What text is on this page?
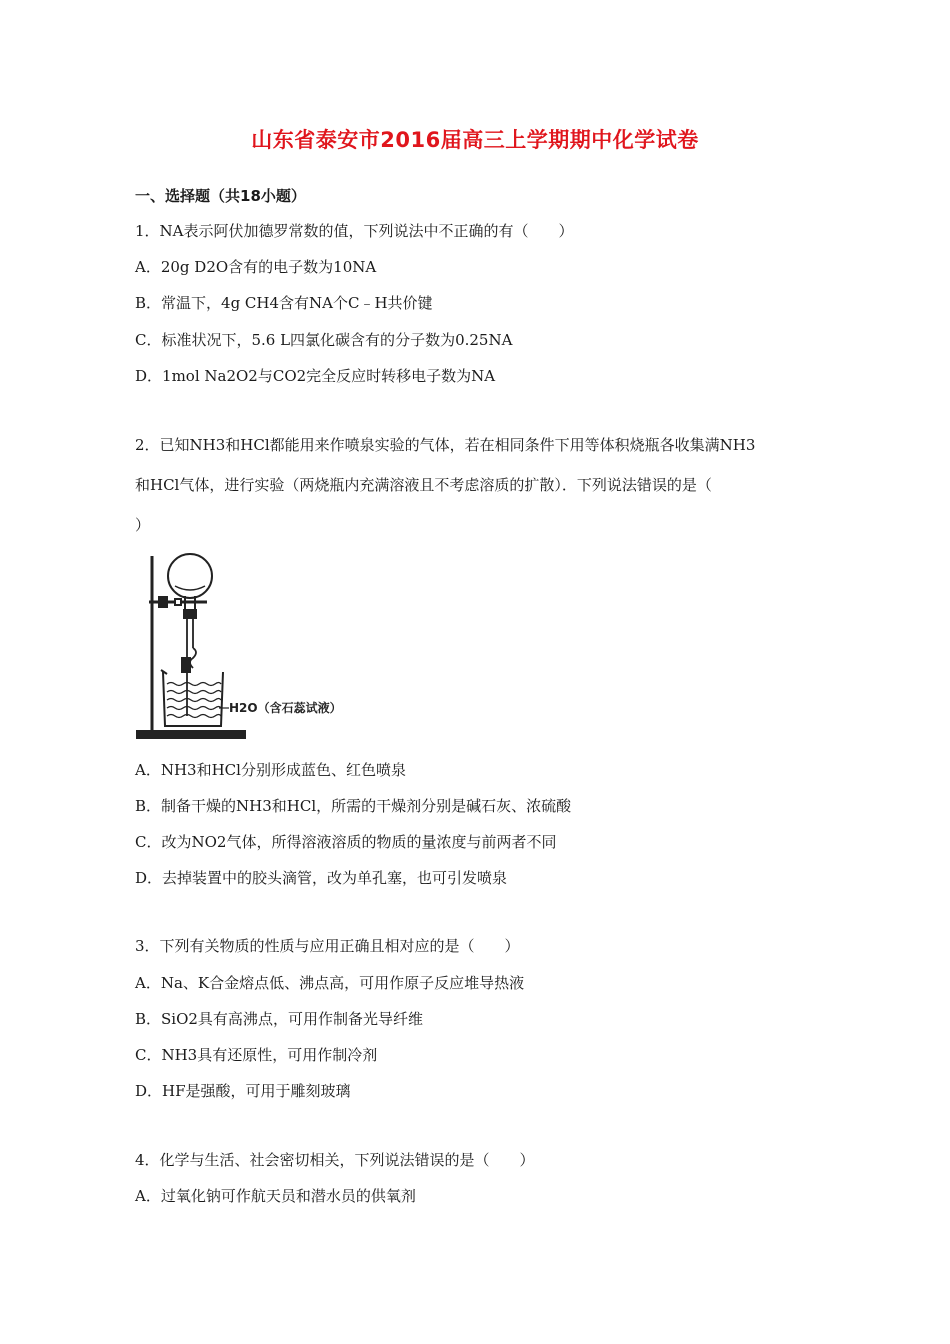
山东省泰安市2016届高三上学期期中化学试卷
一、选择题（共18小题）
1．NA表示阿伏加德罗常数的值，下列说法中不正确的有（　　）
A．20g D2O含有的电子数为10NA
B．常温下，4g CH4含有NA个C﹣H共价键
C．标准状况下，5.6 L四氯化碳含有的分子数为0.25NA
D．1mol Na2O2与CO2完全反应时转移电子数为NA
2．已知NH3和HCl都能用来作喷泉实验的气体，若在相同条件下用等体积烧瓶各收集满NH3
和HCl气体，进行实验（两烧瓶内充满溶液且不考虑溶质的扩散）．下列说法错误的是（
）
H2O（含石蕊试液）
A．NH3和HCl分别形成蓝色、红色喷泉
B．制备干燥的NH3和HCl，所需的干燥剂分别是碱石灰、浓硫酸
C．改为NO2气体，所得溶液溶质的物质的量浓度与前两者不同
D．去掉装置中的胶头滴管，改为单孔塞，也可引发喷泉
3．下列有关物质的性质与应用正确且相对应的是（　　）
A．Na、K合金熔点低、沸点高，可用作原子反应堆导热液
B．SiO2具有高沸点，可用作制备光导纤维
C．NH3具有还原性，可用作制冷剂
D．HF是强酸，可用于雕刻玻璃
4．化学与生活、社会密切相关，下列说法错误的是（　　）
A．过氧化钠可作航天员和潜水员的供氧剂
